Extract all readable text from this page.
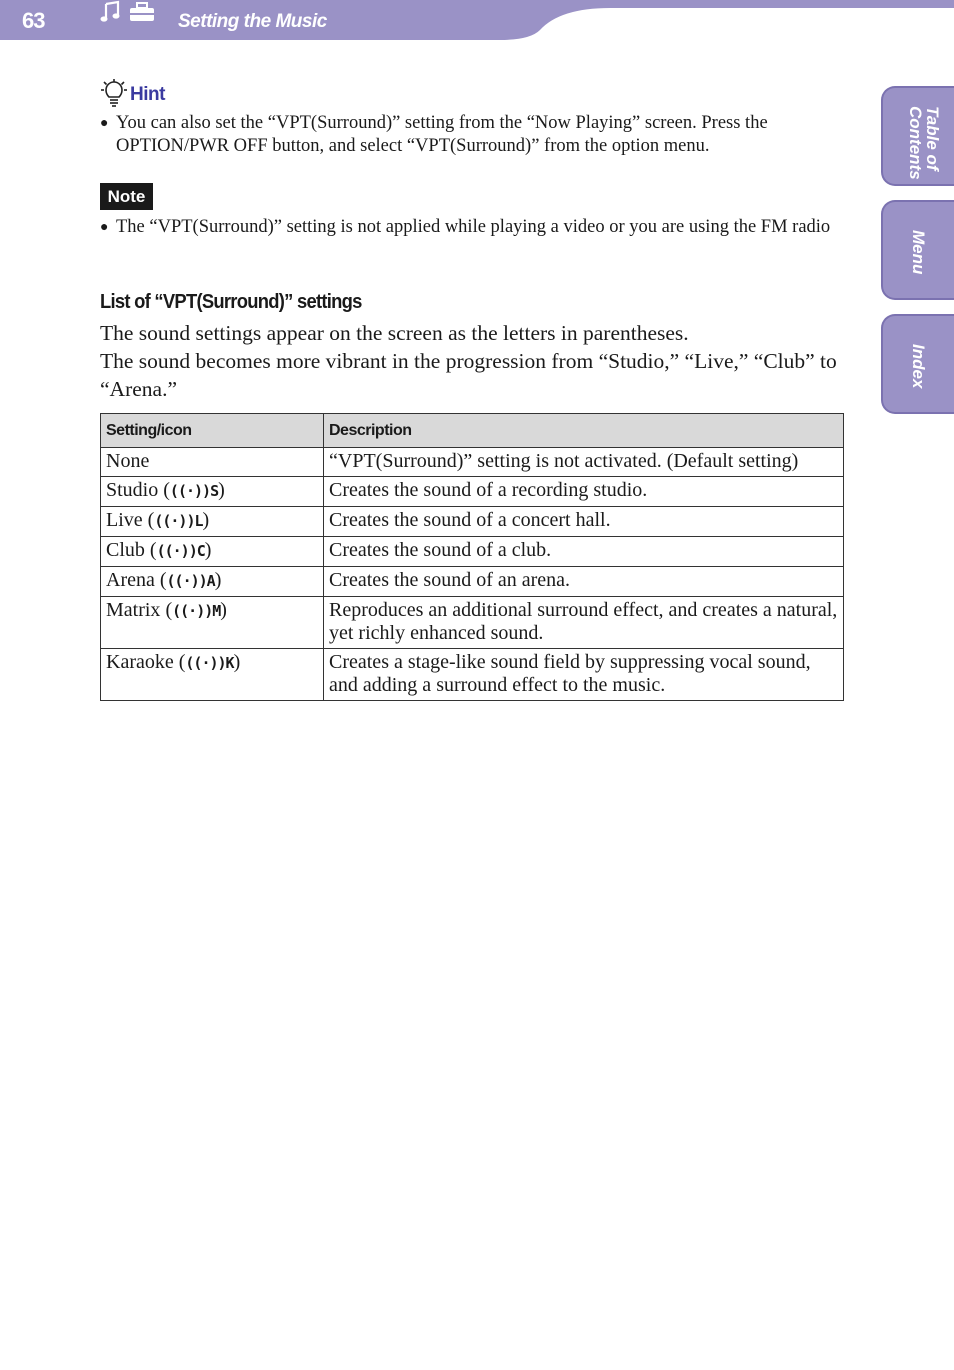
63	Setting the Music
Table of Contents
Menu
Index
Hint
● You can also set the “VPT(Surround)” setting from the “Now Playing” screen. Press the OPTION/PWR OFF button, and select “VPT(Surround)” from the option menu.
Note
● The “VPT(Surround)” setting is not applied while playing a video or you are using the FM radio
List of “VPT(Surround)” settings
The sound settings appear on the screen as the letters in parentheses.
The sound becomes more vibrant in the progression from “Studio,” “Live,” “Club” to “Arena.”
Setting/icon	Description
None	“VPT(Surround)” setting is not activated. (Default setting)
Studio (((·))S)	Creates the sound of a recording studio.
Live (((·))L)	Creates the sound of a concert hall.
Club (((·))C)	Creates the sound of a club.
Arena (((·))A)	Creates the sound of an arena.
Matrix (((·))M)	Reproduces an additional surround effect, and creates a natural, yet richly enhanced sound.
Karaoke (((·))K)	Creates a stage-like sound field by suppressing vocal sound, and adding a surround effect to the music.
